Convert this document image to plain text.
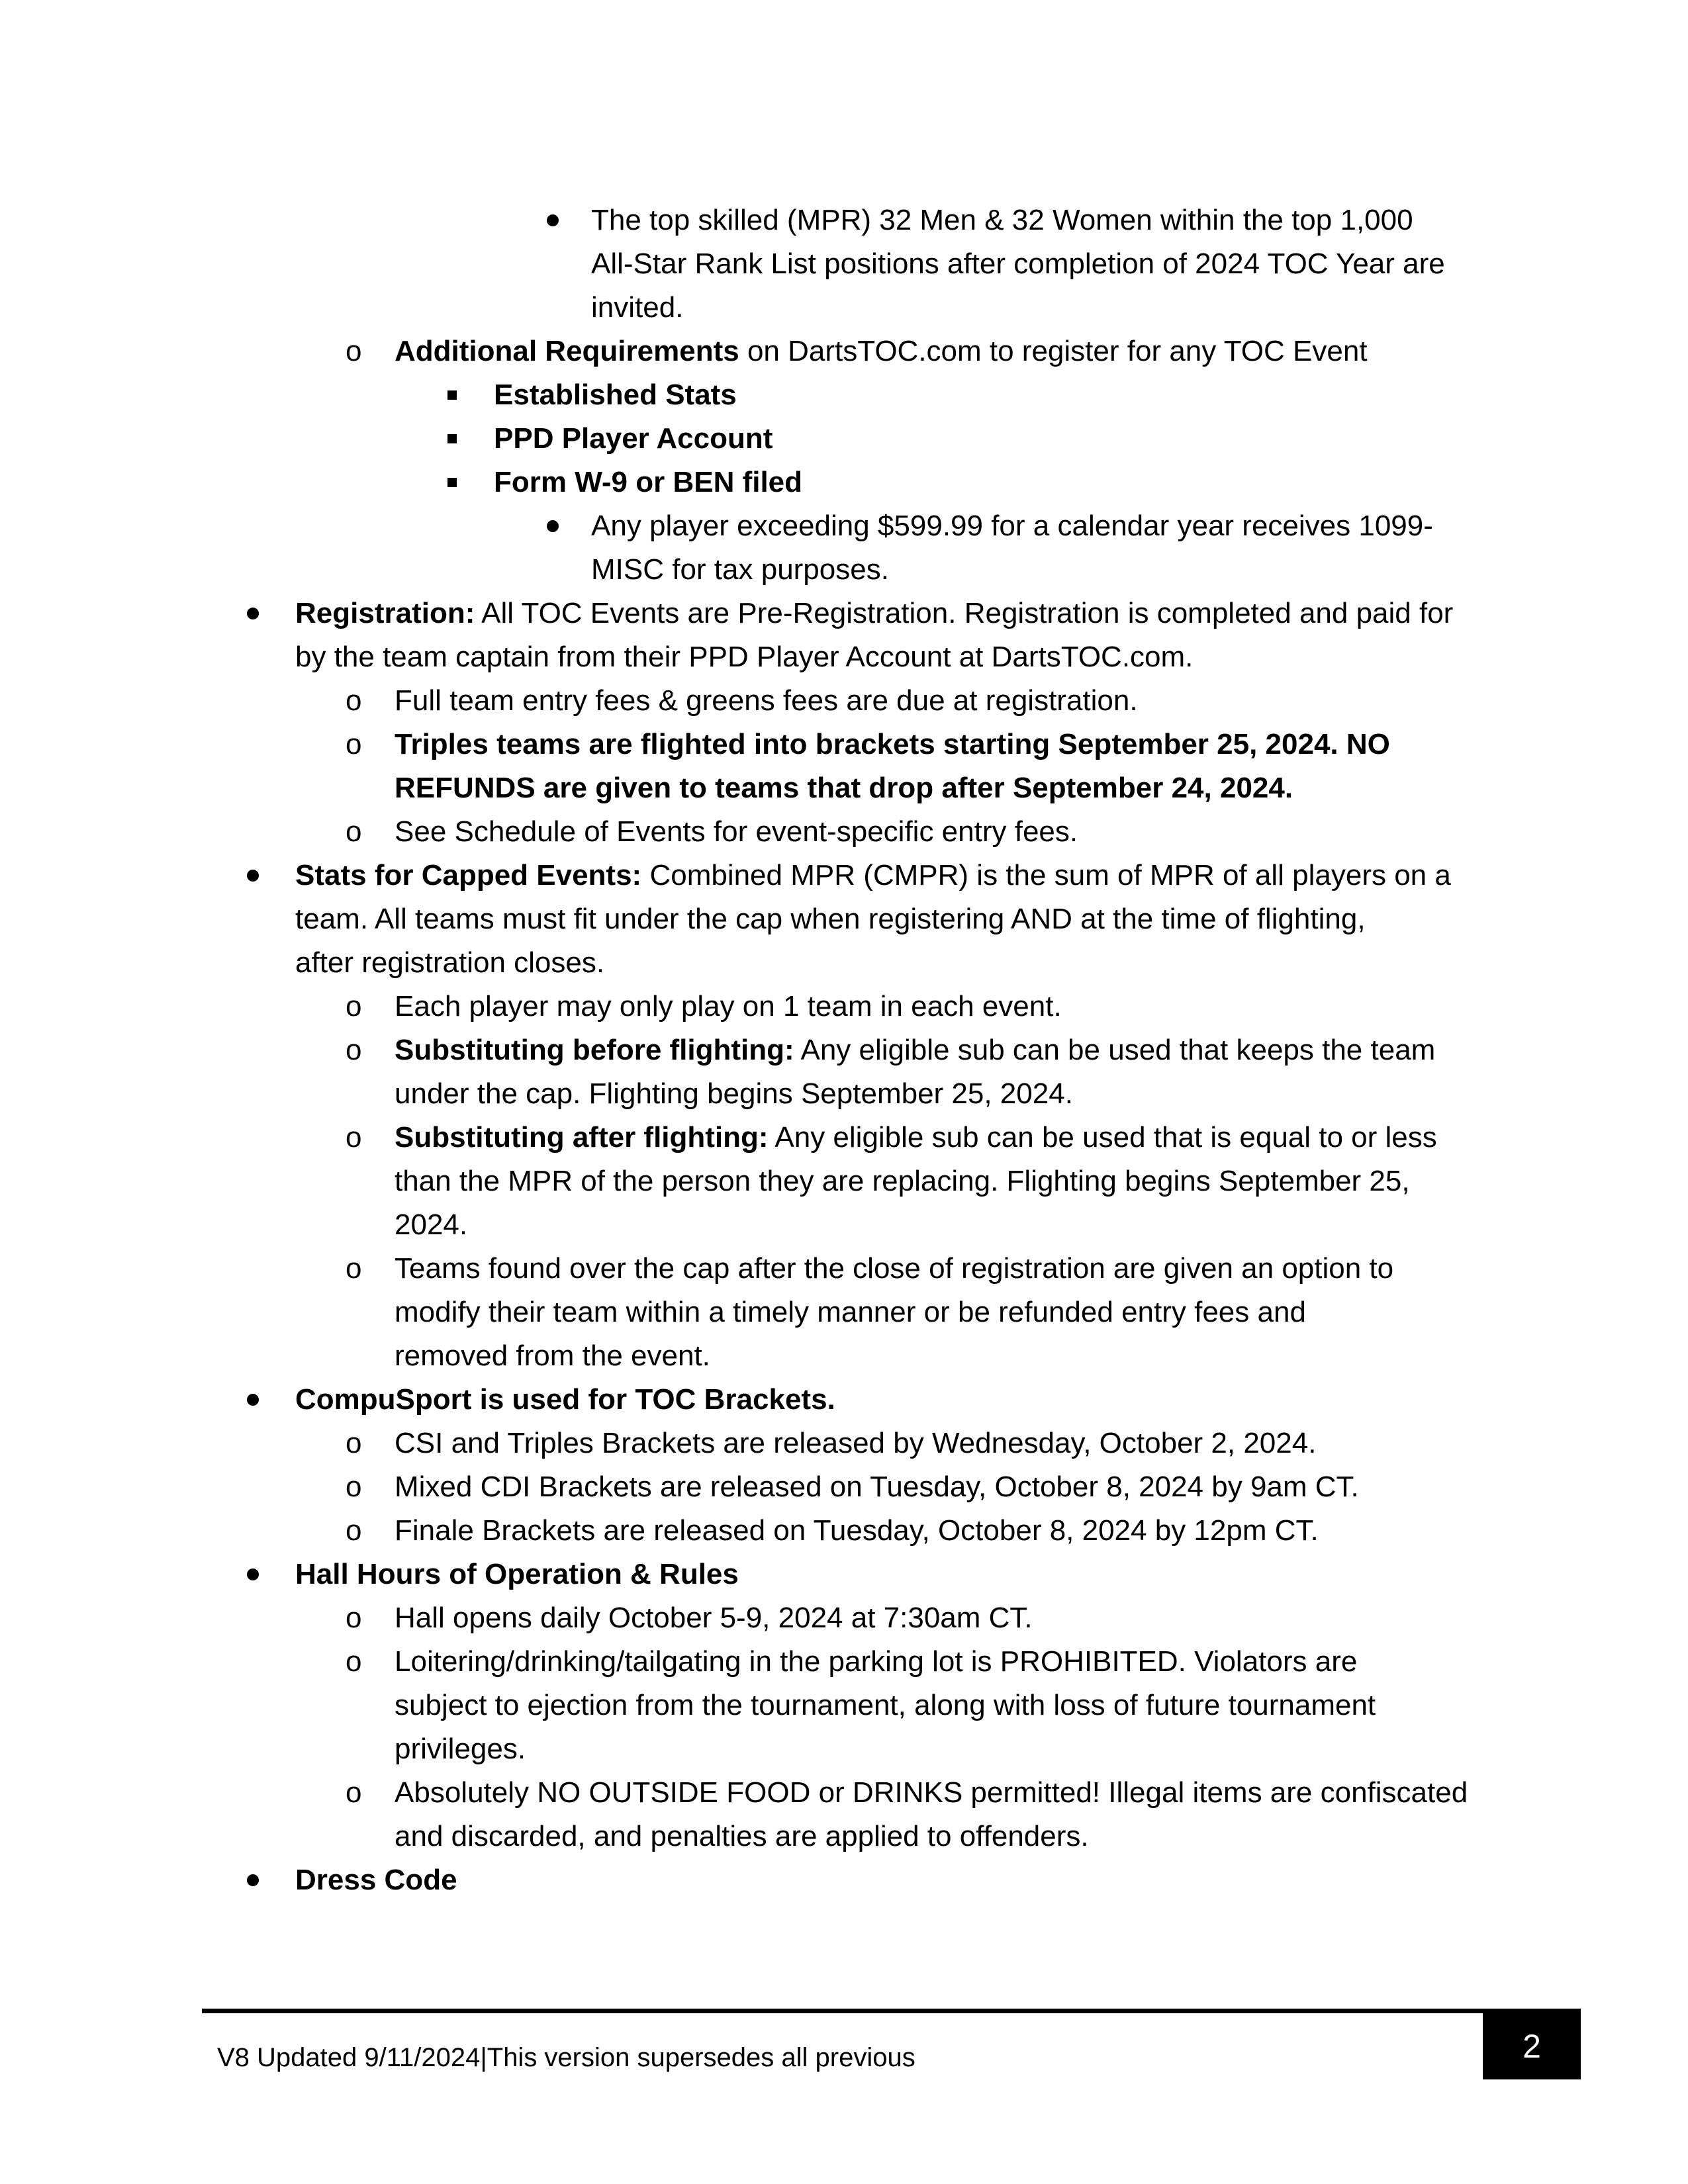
The top skilled (MPR) 32 Men & 32 Women within the top 1,000
All-Star Rank List positions after completion of 2024 TOC Year are
invited.
o Additional Requirements on DartsTOC.com to register for any TOC Event
Established Stats
PPD Player Account
Form W-9 or BEN filed
Any player exceeding $599.99 for a calendar year receives 1099-
MISC for tax purposes.
Registration: All TOC Events are Pre-Registration. Registration is completed and paid for
by the team captain from their PPD Player Account at DartsTOC.com.
o Full team entry fees & greens fees are due at registration.
o Triples teams are flighted into brackets starting September 25, 2024. NO
REFUNDS are given to teams that drop after September 24, 2024.
o See Schedule of Events for event-specific entry fees.
Stats for Capped Events: Combined MPR (CMPR) is the sum of MPR of all players on a
team. All teams must fit under the cap when registering AND at the time of flighting,
after registration closes.
o Each player may only play on 1 team in each event.
o Substituting before flighting: Any eligible sub can be used that keeps the team
under the cap. Flighting begins September 25, 2024.
o Substituting after flighting: Any eligible sub can be used that is equal to or less
than the MPR of the person they are replacing. Flighting begins September 25,
2024.
o Teams found over the cap after the close of registration are given an option to
modify their team within a timely manner or be refunded entry fees and
removed from the event.
CompuSport is used for TOC Brackets.
o CSI and Triples Brackets are released by Wednesday, October 2, 2024.
o Mixed CDI Brackets are released on Tuesday, October 8, 2024 by 9am CT.
o Finale Brackets are released on Tuesday, October 8, 2024 by 12pm CT.
Hall Hours of Operation & Rules
o Hall opens daily October 5-9, 2024 at 7:30am CT.
o Loitering/drinking/tailgating in the parking lot is PROHIBITED. Violators are
subject to ejection from the tournament, along with loss of future tournament
privileges.
o Absolutely NO OUTSIDE FOOD or DRINKS permitted! Illegal items are confiscated
and discarded, and penalties are applied to offenders.
Dress Code
V8 Updated 9/11/2024|This version supersedes all previous	2
